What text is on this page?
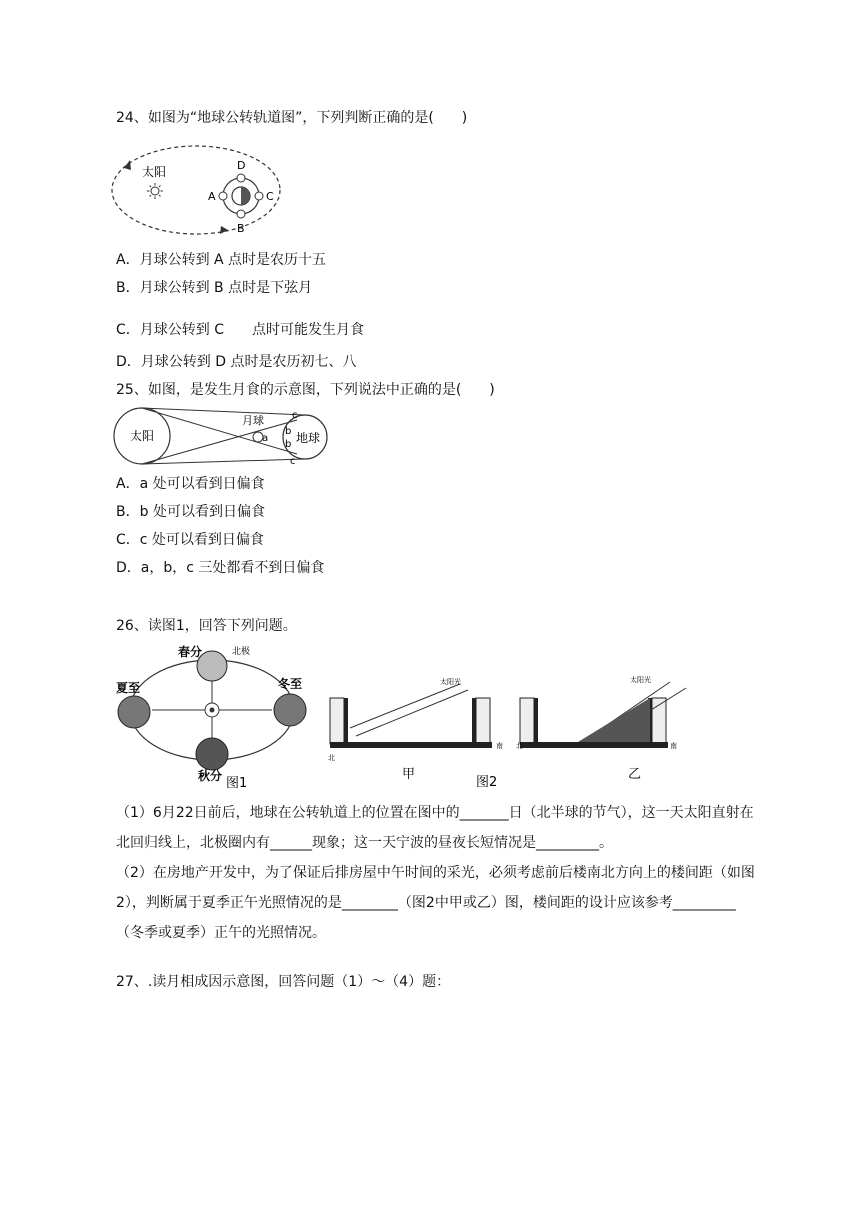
24、如图为“地球公转轨道图”，下列判断正确的是(　　)
太阳	D
B
A	C
A．月球公转到 A 点时是农历十五
B．月球公转到 B 点时是下弦月
C．月球公转到 C　　点时可能发生月食
D．月球公转到 D 点时是农历初七、八
25、如图，是发生月食的示意图，下列说法中正确的是(　　)
月球
太阳	地球
a
b
b
c
c
A．a 处可以看到日偏食
B．b 处可以看到日偏食
C．c 处可以看到日偏食
D．a，b，c 三处都看不到日偏食
26、读图1，回答下列问题。
春分	北极
夏至	冬至
秋分 图1
太阳光
北
南
甲
太阳光
北	南
图2
乙
（1）6月22日前后，地球在公转轨道上的位置在图中的_______日（北半球的节气），这一天太阳直射在北回归线上，北极圈内有______现象；这一天宁波的昼夜长短情况是_________。
（2）在房地产开发中，为了保证后排房屋中午时间的采光，必须考虑前后楼南北方向上的楼间距（如图2），判断属于夏季正午光照情况的是________（图2中甲或乙）图，楼间距的设计应该参考_________（冬季或夏季）正午的光照情况。
27、.读月相成因示意图，回答问题（1）～（4）题：
